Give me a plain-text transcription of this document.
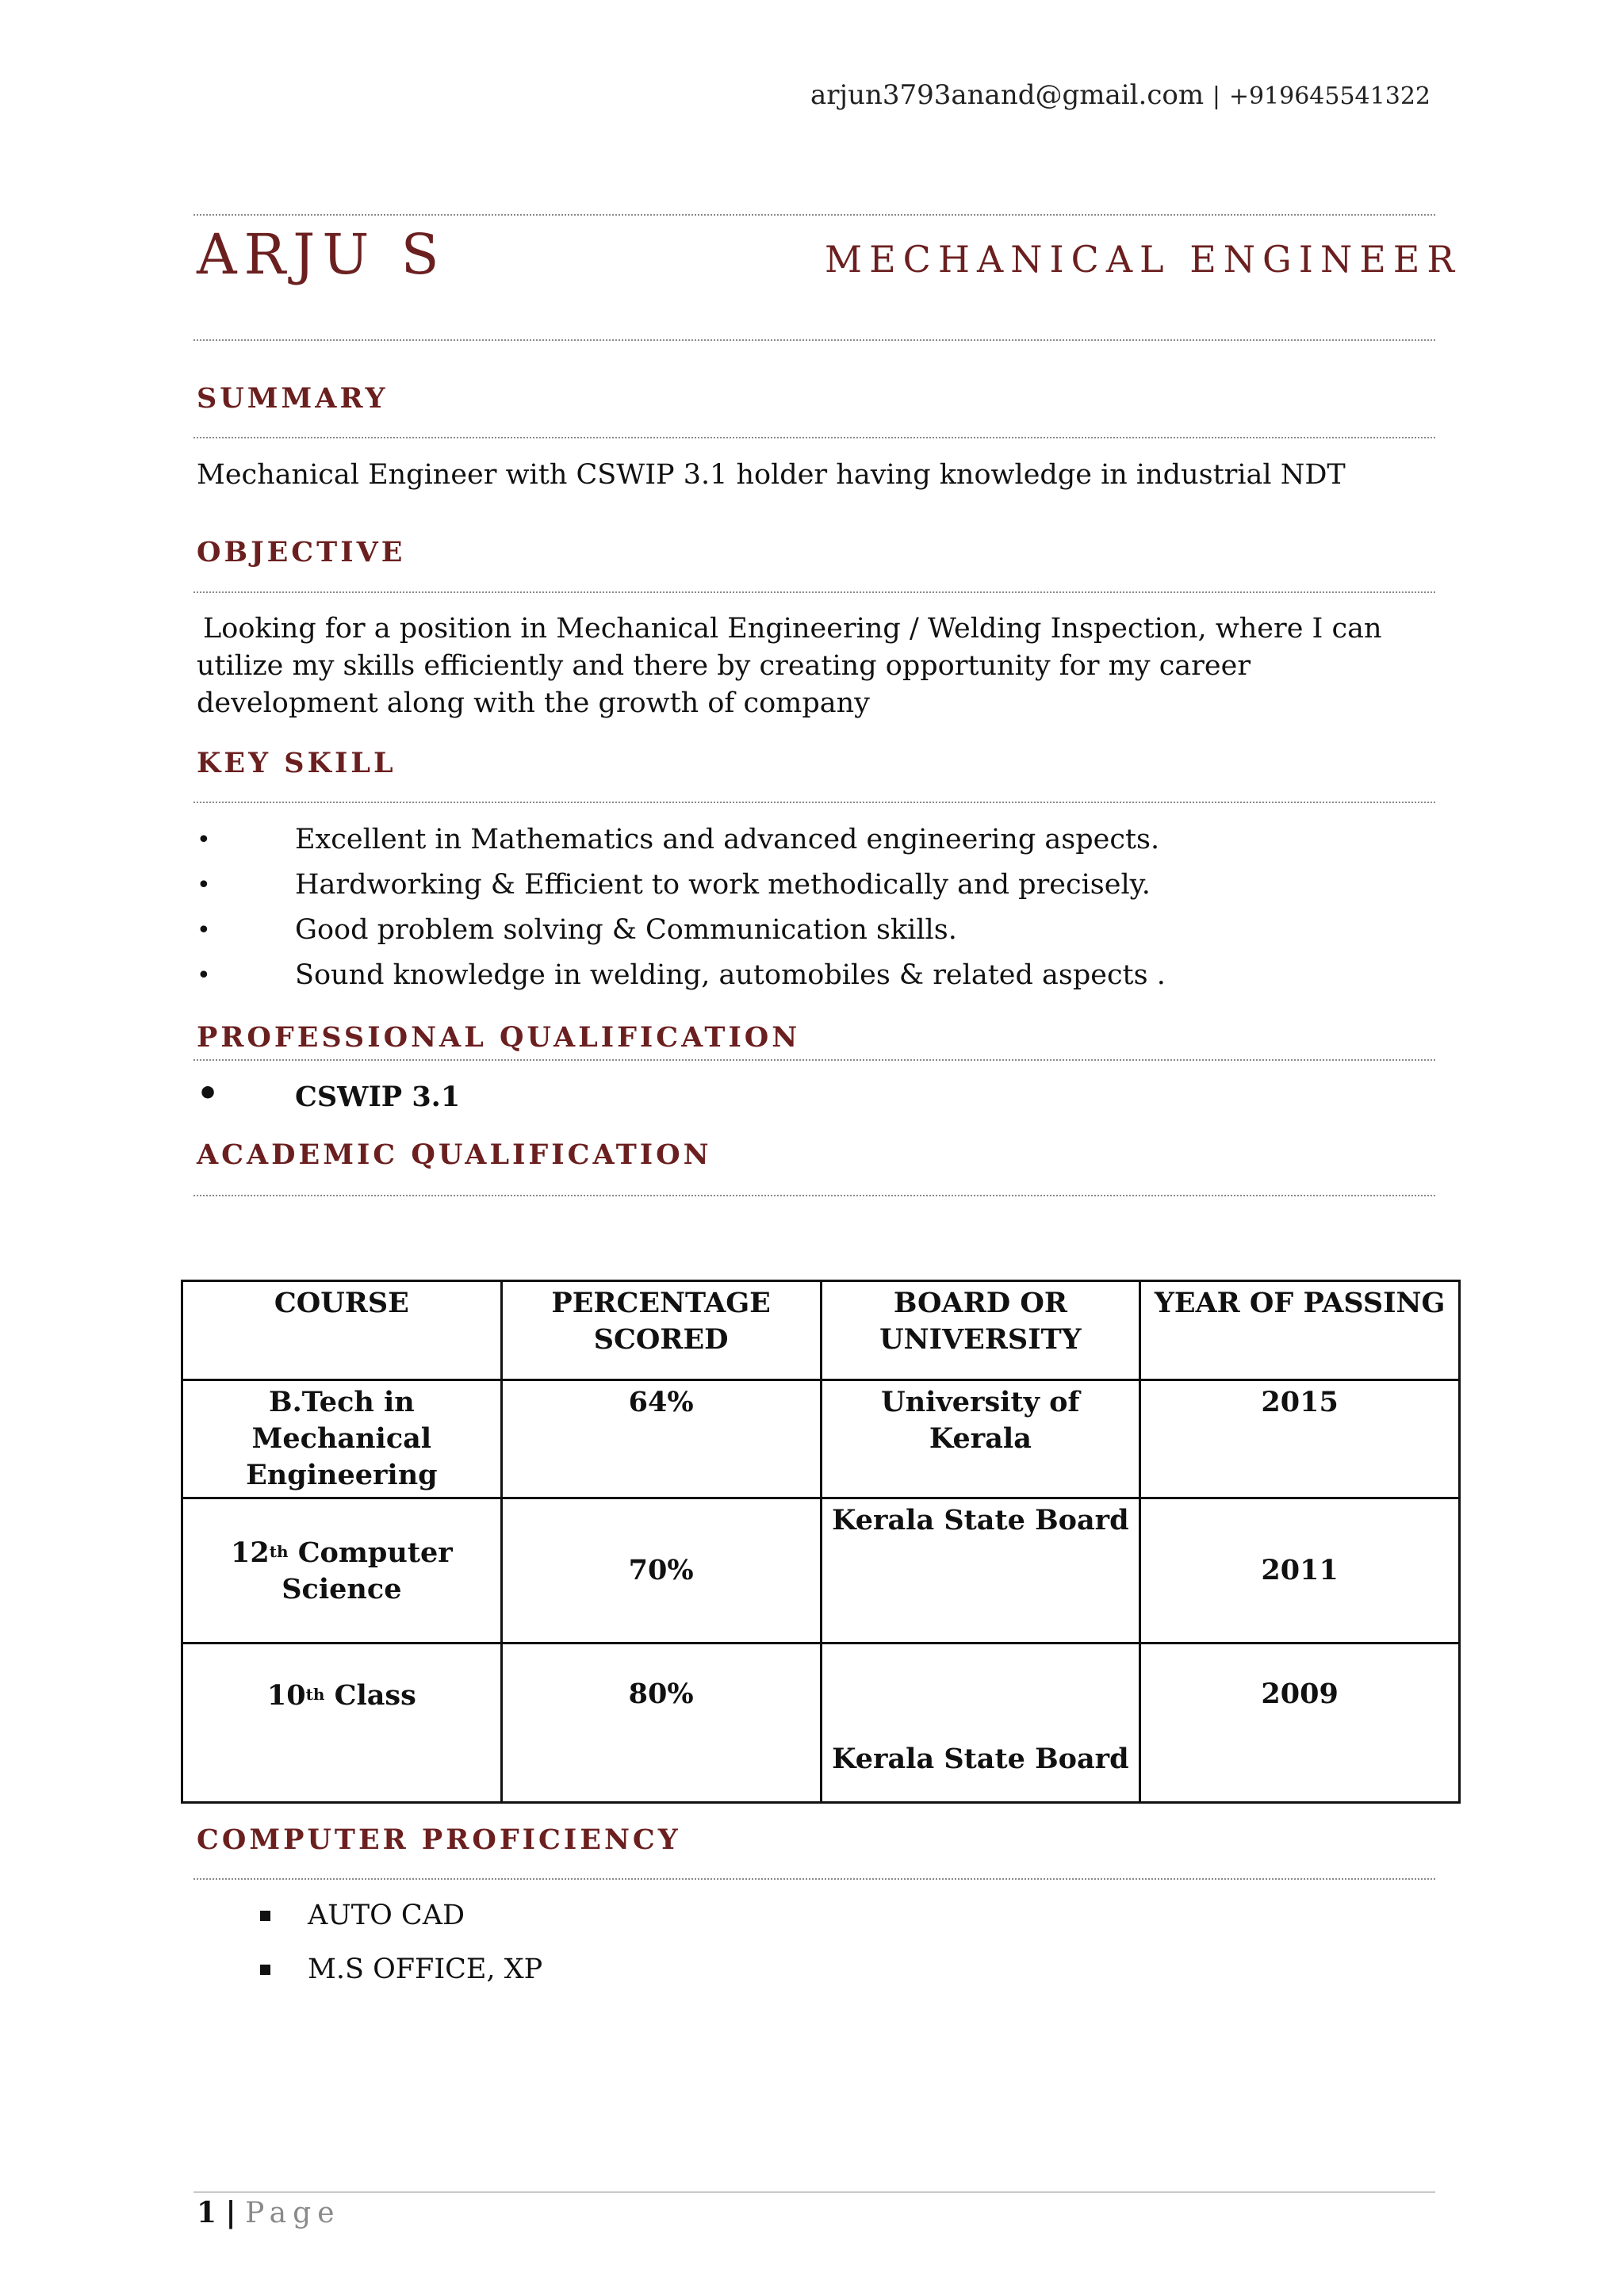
arjun3793anand@gmail.com | +919645541322
ARJU S	MECHANICAL ENGINEER
SUMMARY
Mechanical Engineer with CSWIP 3.1 holder having knowledge in industrial NDT
OBJECTIVE
Looking for a position in Mechanical Engineering / Welding Inspection, where I can utilize my skills efficiently and there by creating opportunity for my career development along with the growth of company
KEY SKILL
•	Excellent in Mathematics and advanced engineering aspects.
•	Hardworking & Efficient to work methodically and precisely.
•	Good problem solving & Communication skills.
•	Sound knowledge in welding, automobiles & related aspects .
PROFESSIONAL QUALIFICATION
•	CSWIP 3.1
ACADEMIC QUALIFICATION
COURSE	PERCENTAGE SCORED	BOARD OR UNIVERSITY	YEAR OF PASSING
B.Tech in Mechanical Engineering	64%	University of Kerala	2015
12th Computer Science	70%	Kerala State Board	2011
10th Class	80%	Kerala State Board	2009
COMPUTER PROFICIENCY
AUTO CAD
M.S OFFICE, XP
1 | Page
